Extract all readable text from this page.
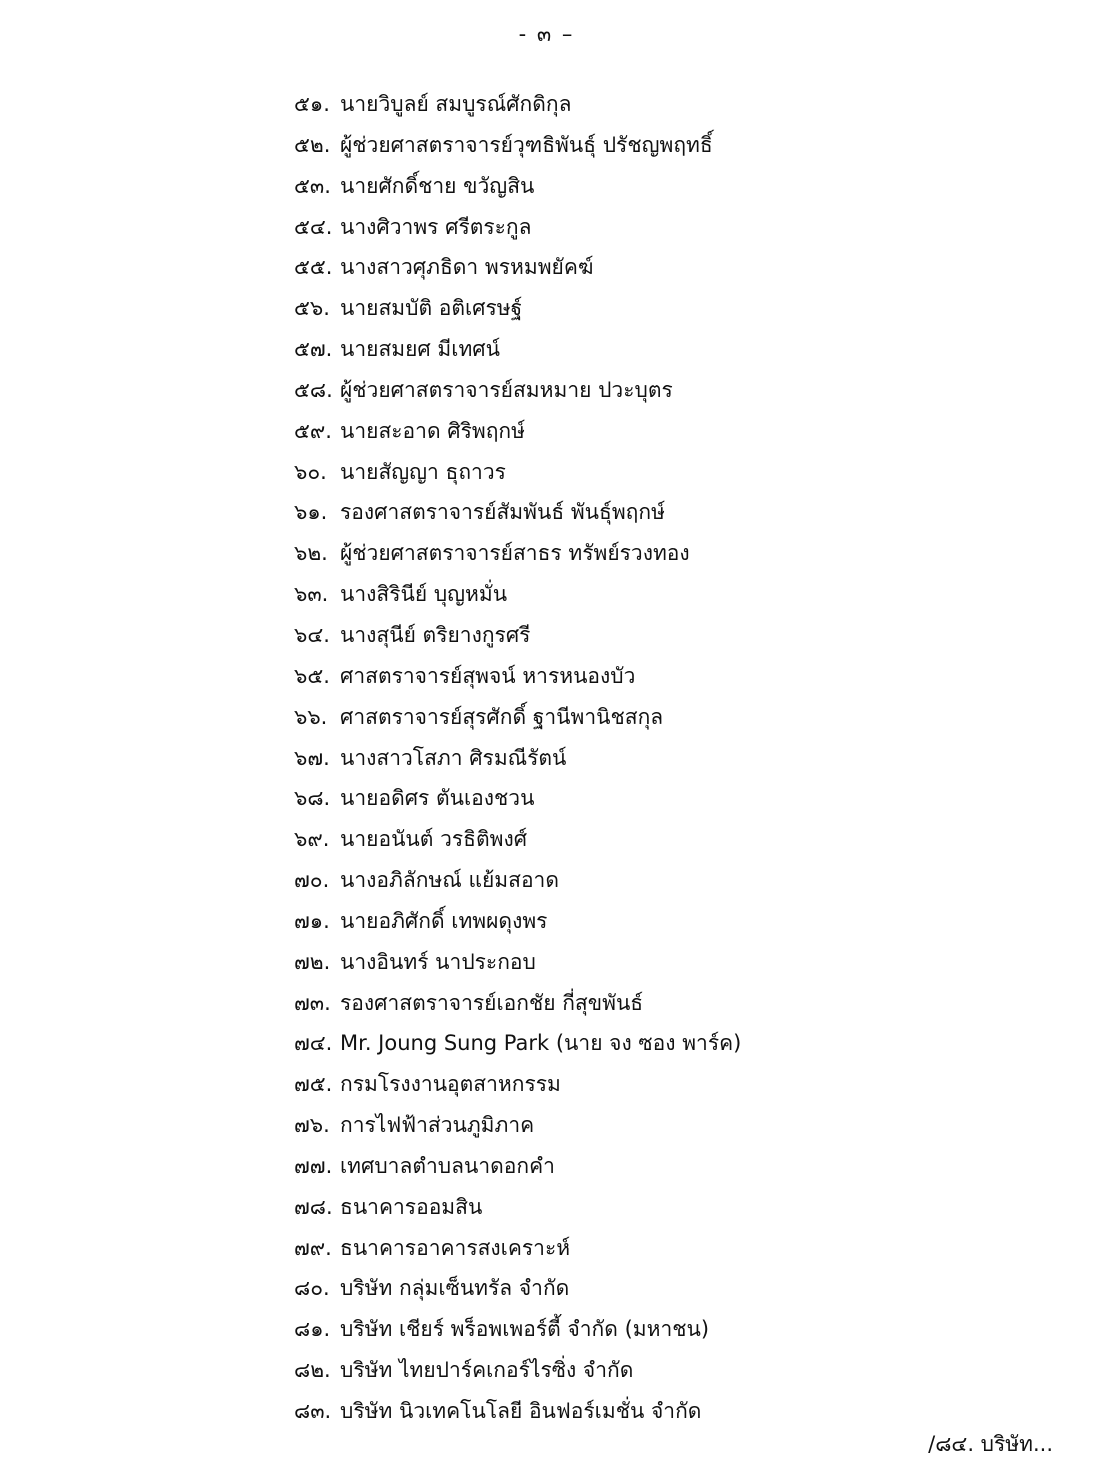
- ๓ –
๕๑. นายวิบูลย์ สมบูรณ์ศักดิกุล
๕๒. ผู้ช่วยศาสตราจารย์วุฑธิพันธุ์ ปรัชญพฤทธิ์
๕๓. นายศักดิ์ชาย ขวัญสิน
๕๔. นางศิวาพร ศรีตระกูล
๕๕. นางสาวศุภธิดา พรหมพยัคฆ์
๕๖. นายสมบัติ อติเศรษฐ์
๕๗. นายสมยศ มีเทศน์
๕๘. ผู้ช่วยศาสตราจารย์สมหมาย ปวะบุตร
๕๙. นายสะอาด ศิริพฤกษ์
๖๐. นายสัญญา ธุถาวร
๖๑. รองศาสตราจารย์สัมพันธ์ พันธุ์พฤกษ์
๖๒. ผู้ช่วยศาสตราจารย์สาธร ทรัพย์รวงทอง
๖๓. นางสิรินีย์ บุญหมั่น
๖๔. นางสุนีย์ ตริยางกูรศรี
๖๕. ศาสตราจารย์สุพจน์ หารหนองบัว
๖๖. ศาสตราจารย์สุรศักดิ์ ฐานีพานิชสกุล
๖๗. นางสาวโสภา ศิรมณีรัตน์
๖๘. นายอดิศร ตันเองชวน
๖๙. นายอนันต์ วรธิติพงศ์
๗๐. นางอภิลักษณ์ แย้มสอาด
๗๑. นายอภิศักดิ์ เทพผดุงพร
๗๒. นางอินทร์ นาประกอบ
๗๓. รองศาสตราจารย์เอกชัย กี่สุขพันธ์
๗๔. Mr. Joung Sung Park (นาย จง ซอง พาร์ค)
๗๕. กรมโรงงานอุตสาหกรรม
๗๖. การไฟฟ้าส่วนภูมิภาค
๗๗. เทศบาลตำบลนาดอกคำ
๗๘. ธนาคารออมสิน
๗๙. ธนาคารอาคารสงเคราะห์
๘๐. บริษัท กลุ่มเซ็นทรัล จำกัด
๘๑. บริษัท เชียร์ พร็อพเพอร์ตี้ จำกัด (มหาชน)
๘๒. บริษัท ไทยปาร์คเกอร์ไรซิ่ง จำกัด
๘๓. บริษัท นิวเทคโนโลยี อินฟอร์เมชั่น จำกัด
/๘๔. บริษัท...
